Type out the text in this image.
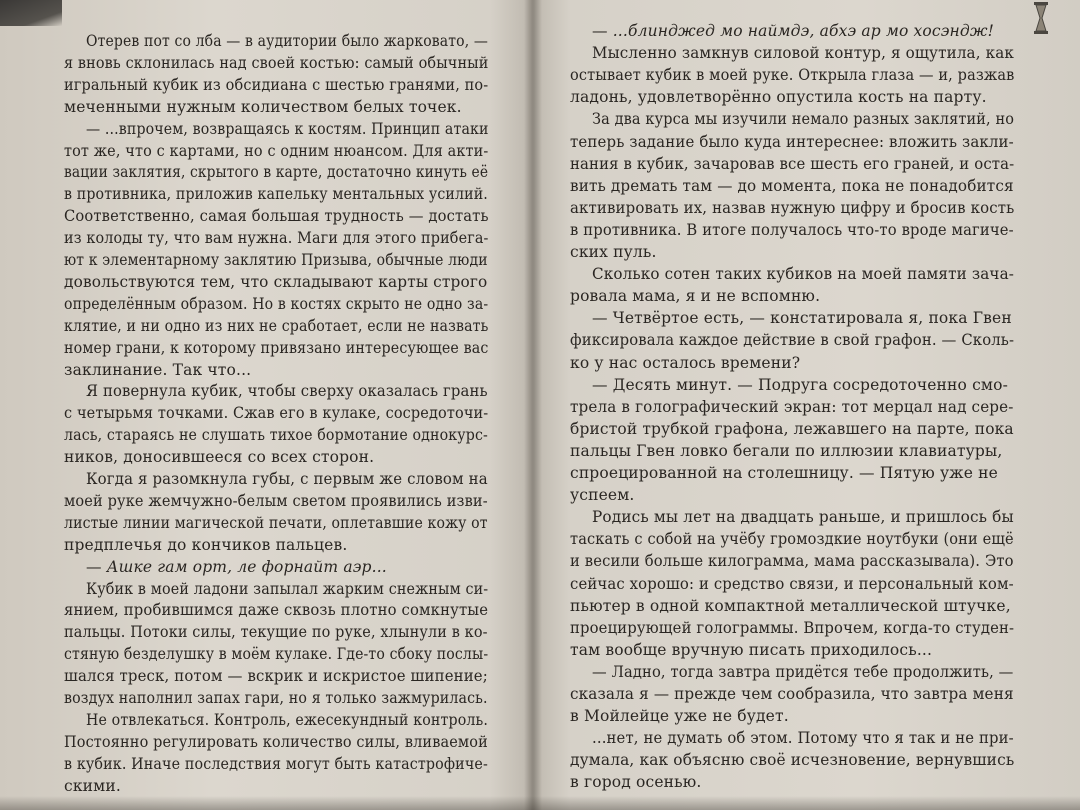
Отерев пот со лба — в аудитории было жарковато, —
я вновь склонилась над своей костью: самый обычный
игральный кубик из обсидиана с шестью гранями, по-
меченными нужным количеством белых точек.
— ...впрочем, возвращаясь к костям. Принцип атаки
тот же, что с картами, но с одним нюансом. Для акти-
вации заклятия, скрытого в карте, достаточно кинуть её
в противника, приложив капельку ментальных усилий.
Соответственно, самая большая трудность — достать
из колоды ту, что вам нужна. Маги для этого прибега-
ют к элементарному заклятию Призыва, обычные люди
довольствуются тем, что складывают карты строго
определённым образом. Но в костях скрыто не одно за-
клятие, и ни одно из них не сработает, если не назвать
номер грани, к которому привязано интересующее вас
заклинание. Так что...
Я повернула кубик, чтобы сверху оказалась грань
с четырьмя точками. Сжав его в кулаке, сосредоточи-
лась, стараясь не слушать тихое бормотание однокурс-
ников, доносившееся со всех сторон.
Когда я разомкнула губы, с первым же словом на
моей руке жемчужно-белым светом проявились изви-
листые линии магической печати, оплетавшие кожу от
предплечья до кончиков пальцев.
— Ашке гам орт, ле форнайт аэр...
Кубик в моей ладони запылал жарким снежным си-
янием, пробившимся даже сквозь плотно сомкнутые
пальцы. Потоки силы, текущие по руке, хлынули в ко-
стяную безделушку в моём кулаке. Где-то сбоку послы-
шался треск, потом — вскрик и искристое шипение;
воздух наполнил запах гари, но я только зажмурилась.
Не отвлекаться. Контроль, ежесекундный контроль.
Постоянно регулировать количество силы, вливаемой
в кубик. Иначе последствия могут быть катастрофиче-
скими.
— ...блинджед мо наймдэ, абхэ ар мо хосэндж!
Мысленно замкнув силовой контур, я ощутила, как
остывает кубик в моей руке. Открыла глаза — и, разжав
ладонь, удовлетворённо опустила кость на парту.
За два курса мы изучили немало разных заклятий, но
теперь задание было куда интереснее: вложить закли-
нания в кубик, зачаровав все шесть его граней, и оста-
вить дремать там — до момента, пока не понадобится
активировать их, назвав нужную цифру и бросив кость
в противника. В итоге получалось что-то вроде магиче-
ских пуль.
Сколько сотен таких кубиков на моей памяти зача-
ровала мама, я и не вспомню.
— Четвёртое есть, — констатировала я, пока Гвен
фиксировала каждое действие в свой графон. — Сколь-
ко у нас осталось времени?
— Десять минут. — Подруга сосредоточенно смо-
трела в голографический экран: тот мерцал над сере-
бристой трубкой графона, лежавшего на парте, пока
пальцы Гвен ловко бегали по иллюзии клавиатуры,
спроецированной на столешницу. — Пятую уже не
успеем.
Родись мы лет на двадцать раньше, и пришлось бы
таскать с собой на учёбу громоздкие ноутбуки (они ещё
и весили больше килограмма, мама рассказывала). Это
сейчас хорошо: и средство связи, и персональный ком-
пьютер в одной компактной металлической штучке,
проецирующей голограммы. Впрочем, когда-то студен-
там вообще вручную писать приходилось...
— Ладно, тогда завтра придётся тебе продолжить, —
сказала я — прежде чем сообразила, что завтра меня
в Мойлейце уже не будет.
...нет, не думать об этом. Потому что я так и не при-
думала, как объясню своё исчезновение, вернувшись
в город осенью.
